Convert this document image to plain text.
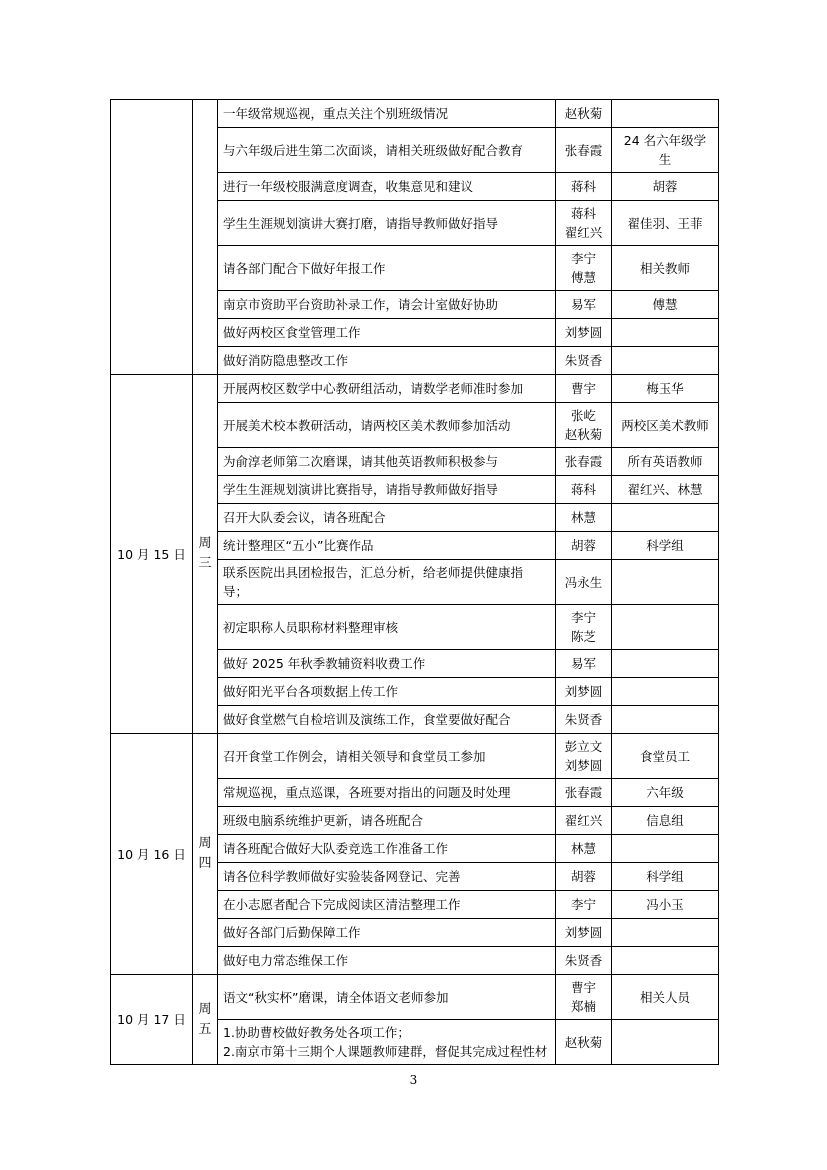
		一年级常规巡视，重点关注个别班级情况	赵秋菊	

		与六年级后进生第二次面谈，请相关班级做好配合教育	张春霞	24 名六年级学
生

		进行一年级校服满意度调查，收集意见和建议	蒋科	胡蓉

		学生生涯规划演讲大赛打磨，请指导教师做好指导	蒋科
翟红兴	翟佳羽、王菲

		请各部门配合下做好年报工作	李宁
傅慧	相关教师

		南京市资助平台资助补录工作，请会计室做好协助	易军	傅慧

		做好两校区食堂管理工作	刘梦圆	

		做好消防隐患整改工作	朱贤香	

10 月 15 日	周
三	开展两校区数学中心教研组活动，请数学老师准时参加	曹宇	梅玉华

		开展美术校本教研活动，请两校区美术教师参加活动	张屹
赵秋菊	两校区美术教师

		为俞淳老师第二次磨课，请其他英语教师积极参与	张春霞	所有英语教师

		学生生涯规划演讲比赛指导，请指导教师做好指导	蒋科	翟红兴、林慧

		召开大队委会议，请各班配合	林慧	

		统计整理区“五小”比赛作品	胡蓉	科学组

		联系医院出具团检报告，汇总分析，给老师提供健康指
导；	冯永生	

		初定职称人员职称材料整理审核	李宁
陈芝	

		做好 2025 年秋季教辅资料收费工作	易军	

		做好阳光平台各项数据上传工作	刘梦圆	

		做好食堂燃气自检培训及演练工作，食堂要做好配合	朱贤香	

10 月 16 日	周
四	召开食堂工作例会，请相关领导和食堂员工参加	彭立文
刘梦圆	食堂员工

		常规巡视，重点巡课，各班要对指出的问题及时处理	张春霞	六年级

		班级电脑系统维护更新，请各班配合	翟红兴	信息组

		请各班配合做好大队委竞选工作准备工作	林慧	

		请各位科学教师做好实验装备网登记、完善	胡蓉	科学组

		在小志愿者配合下完成阅读区清洁整理工作	李宁	冯小玉

		做好各部门后勤保障工作	刘梦圆	

		做好电力常态维保工作	朱贤香	

10 月 17 日	周
五	语文“秋实杯”磨课，请全体语文老师参加	曹宇
郑楠	相关人员

		1.协助曹校做好教务处各项工作；
2.南京市第十三期个人课题教师建群，督促其完成过程性材	赵秋菊	

3
